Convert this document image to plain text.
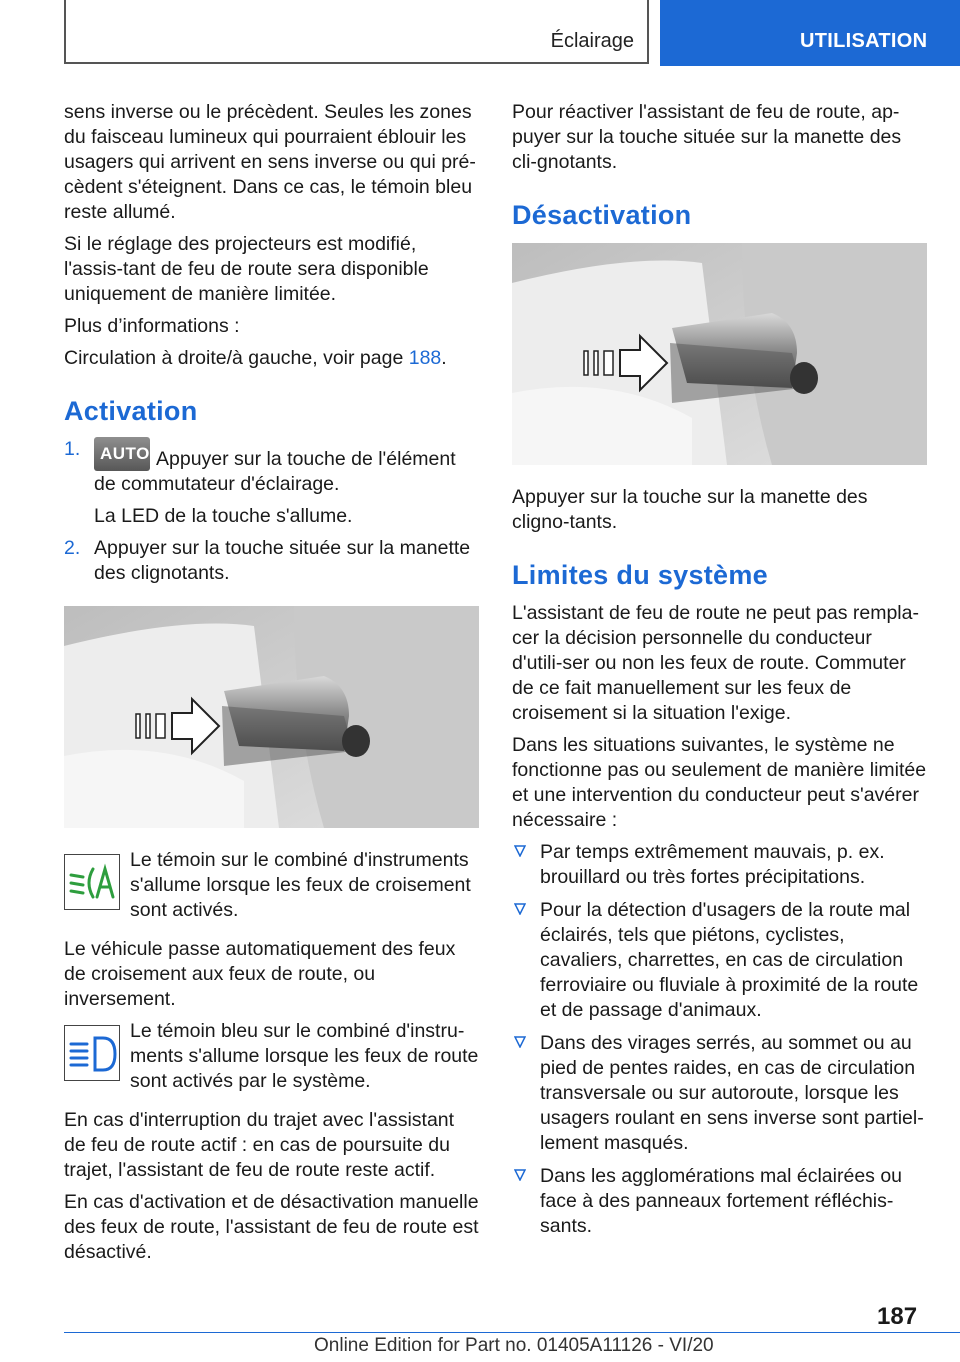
Éclairage	UTILISATION

sens inverse ou le précèdent. Seules les zones du faisceau lumineux qui pourraient éblouir les usagers qui arrivent en sens inverse ou qui pré-cèdent s'éteignent. Dans ce cas, le témoin bleu reste allumé.

Si le réglage des projecteurs est modifié, l'assis-tant de feu de route sera disponible uniquement de manière limitée.

Plus d’informations :

Circulation à droite/à gauche, voir page 188.

Activation
1. AUTO Appuyer sur la touche de l'élément de commutateur d'éclairage.
La LED de la touche s'allume.
2. Appuyer sur la touche située sur la manette des clignotants.

Le témoin sur le combiné d'instruments s'allume lorsque les feux de croisement sont activés.

Le véhicule passe automatiquement des feux de croisement aux feux de route, ou inversement.

Le témoin bleu sur le combiné d'instru-ments s'allume lorsque les feux de route sont activés par le système.

En cas d'interruption du trajet avec l'assistant de feu de route actif : en cas de poursuite du trajet, l'assistant de feu de route reste actif.

En cas d'activation et de désactivation manuelle des feux de route, l'assistant de feu de route est désactivé.

Pour réactiver l'assistant de feu de route, ap-puyer sur la touche située sur la manette des cli-gnotants.

Désactivation

Appuyer sur la touche sur la manette des cligno-tants.

Limites du système

L'assistant de feu de route ne peut pas rempla-cer la décision personnelle du conducteur d'utili-ser ou non les feux de route. Commuter de ce fait manuellement sur les feux de croisement si la situation l'exige.

Dans les situations suivantes, le système ne fonctionne pas ou seulement de manière limitée et une intervention du conducteur peut s'avérer nécessaire :

Par temps extrêmement mauvais, p. ex. brouillard ou très fortes précipitations.
Pour la détection d'usagers de la route mal éclairés, tels que piétons, cyclistes, cavaliers, charrettes, en cas de circulation ferroviaire ou fluviale à proximité de la route et de passage d'animaux.
Dans des virages serrés, au sommet ou au pied de pentes raides, en cas de circulation transversale ou sur autoroute, lorsque les usagers roulant en sens inverse sont partiel-lement masqués.
Dans les agglomérations mal éclairées ou face à des panneaux fortement réfléchis-sants.
187
Online Edition for Part no. 01405A11126 - VI/20
